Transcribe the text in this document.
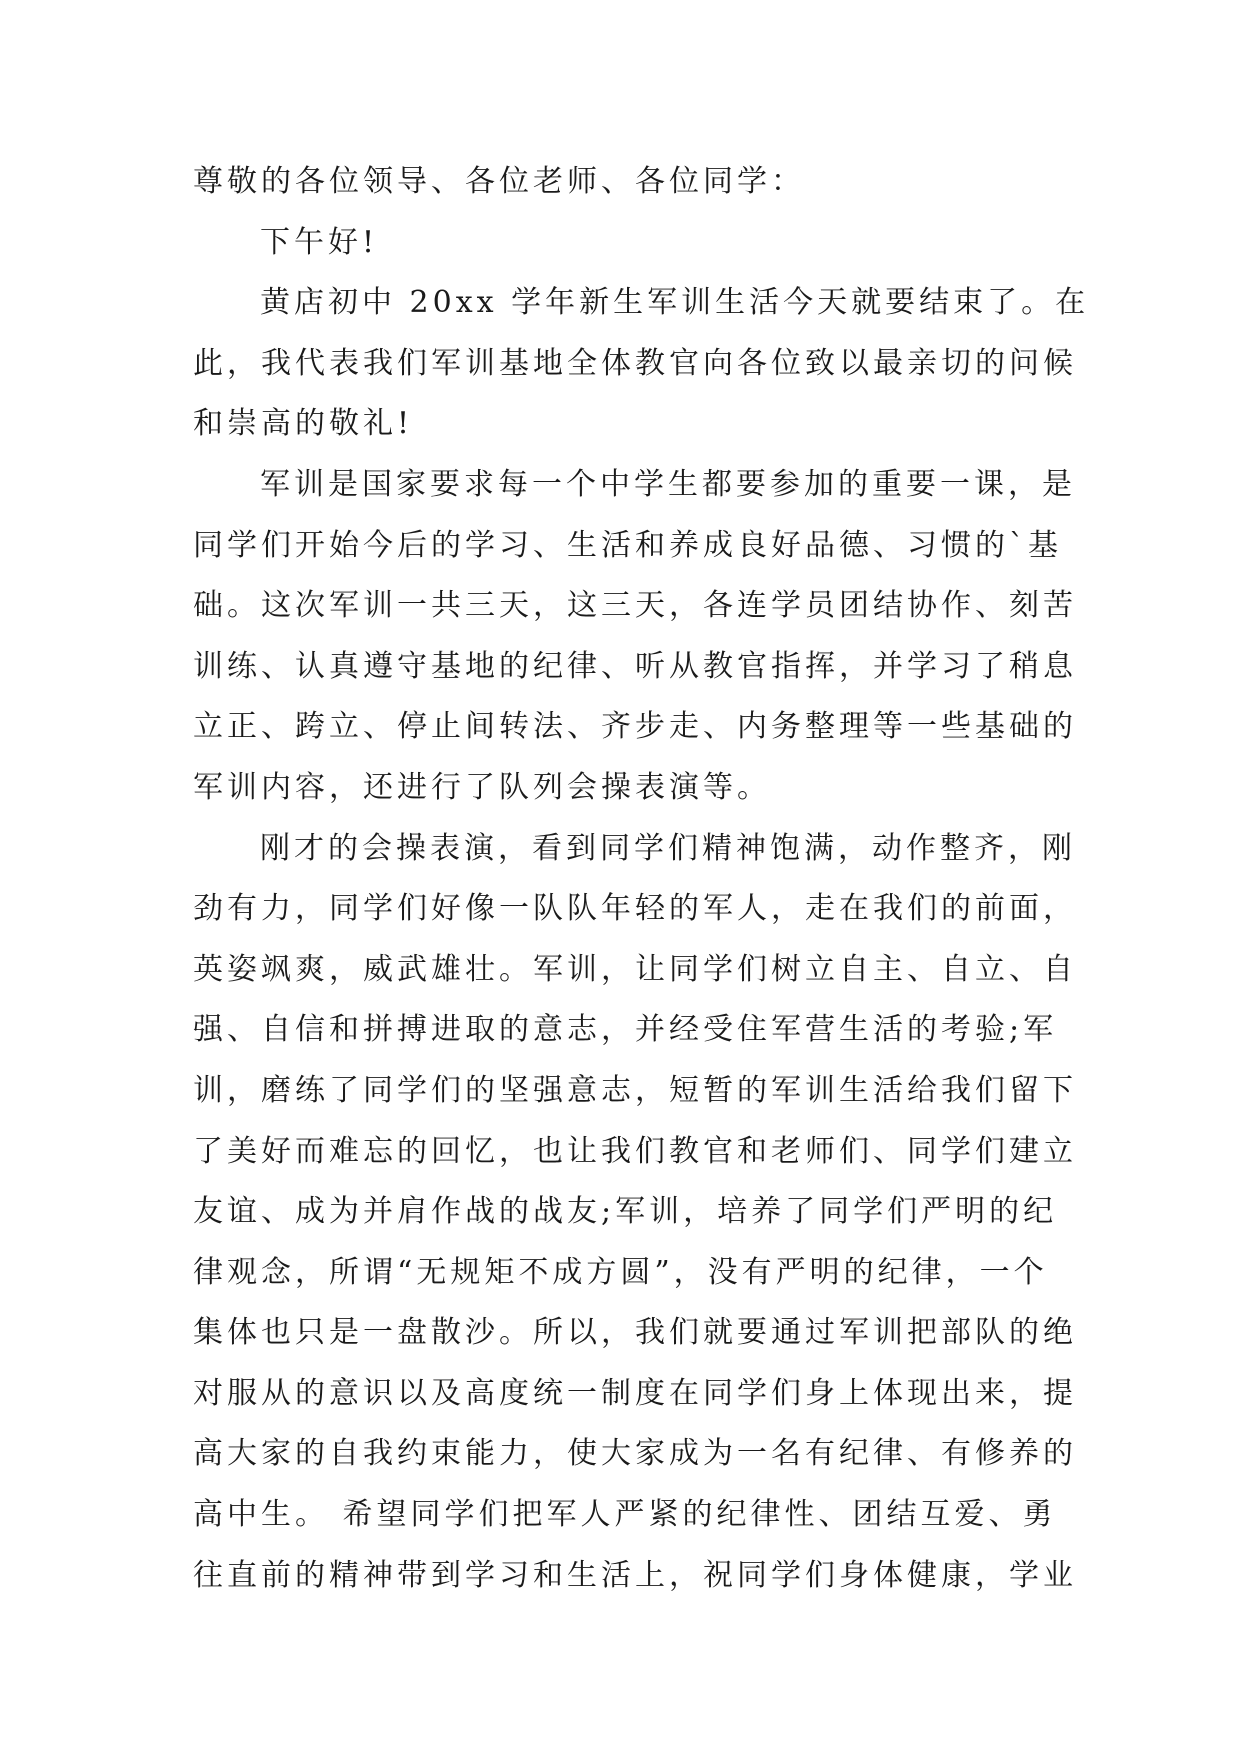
尊敬的各位领导、各位老师、各位同学：
下午好!
黄店初中 20xx 学年新生军训生活今天就要结束了。在
此，我代表我们军训基地全体教官向各位致以最亲切的问候
和崇高的敬礼!
军训是国家要求每一个中学生都要参加的重要一课，是
同学们开始今后的学习、生活和养成良好品德、习惯的`基
础。这次军训一共三天，这三天，各连学员团结协作、刻苦
训练、认真遵守基地的纪律、听从教官指挥，并学习了稍息
立正、跨立、停止间转法、齐步走、内务整理等一些基础的
军训内容，还进行了队列会操表演等。
刚才的会操表演，看到同学们精神饱满，动作整齐，刚
劲有力，同学们好像一队队年轻的军人，走在我们的前面，
英姿飒爽，威武雄壮。军训，让同学们树立自主、自立、自
强、自信和拼搏进取的意志，并经受住军营生活的考验;军
训，磨练了同学们的坚强意志，短暂的军训生活给我们留下
了美好而难忘的回忆，也让我们教官和老师们、同学们建立
友谊、成为并肩作战的战友;军训，培养了同学们严明的纪
律观念，所谓“无规矩不成方圆”，没有严明的纪律，一个
集体也只是一盘散沙。所以，我们就要通过军训把部队的绝
对服从的意识以及高度统一制度在同学们身上体现出来，提
高大家的自我约束能力，使大家成为一名有纪律、有修养的
高中生。 希望同学们把军人严紧的纪律性、团结互爱、勇
往直前的精神带到学习和生活上，祝同学们身体健康，学业
